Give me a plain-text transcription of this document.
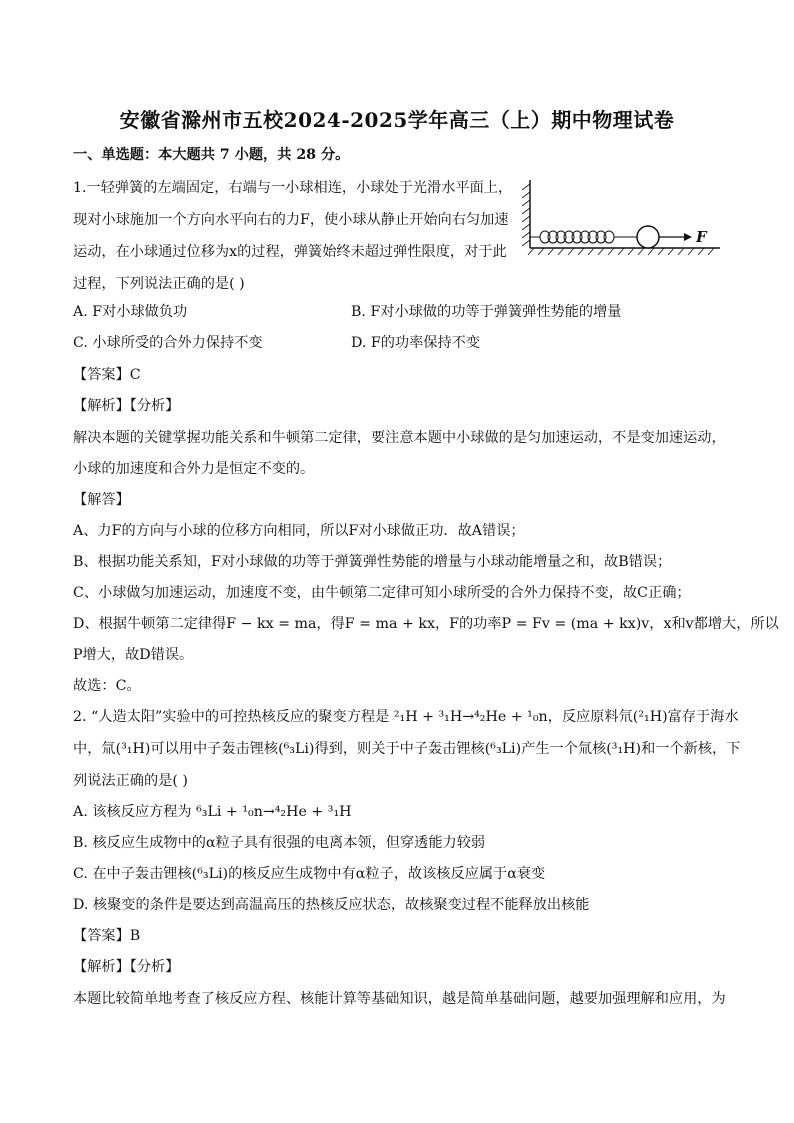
安徽省滁州市五校2024-2025学年高三（上）期中物理试卷
一、单选题：本大题共 7 小题，共 28 分。
1.一轻弹簧的左端固定，右端与一小球相连，小球处于光滑水平面上，
现对小球施加一个方向水平向右的力F，使小球从静止开始向右匀加速
运动，在小球通过位移为x的过程，弹簧始终未超过弹性限度，对于此
过程，下列说法正确的是( )
F
A. F对小球做负功	B. F对小球做的功等于弹簧弹性势能的增量
C. 小球所受的合外力保持不变	D. F的功率保持不变
【答案】C
【解析】【分析】
解决本题的关键掌握功能关系和牛顿第二定律，要注意本题中小球做的是匀加速运动，不是变加速运动，
小球的加速度和合外力是恒定不变的。
【解答】
A、力F的方向与小球的位移方向相同，所以F对小球做正功．故A错误；
B、根据功能关系知，F对小球做的功等于弹簧弹性势能的增量与小球动能增量之和，故B错误；
C、小球做匀加速运动，加速度不变，由牛顿第二定律可知小球所受的合外力保持不变，故C正确；
D、根据牛顿第二定律得F − kx = ma，得F = ma + kx，F的功率P = Fv = (ma + kx)v，x和v都增大，所以
P增大，故D错误。
故选：C。
2. “人造太阳”实验中的可控热核反应的聚变方程是 ²₁H + ³₁H→⁴₂He + ¹₀n，反应原料氘(²₁H)富存于海水
中，氚(³₁H)可以用中子轰击锂核(⁶₃Li)得到，则关于中子轰击锂核(⁶₃Li)产生一个氚核(³₁H)和一个新核，下
列说法正确的是( )
A. 该核反应方程为 ⁶₃Li + ¹₀n→⁴₂He + ³₁H
B. 核反应生成物中的α粒子具有很强的电离本领，但穿透能力较弱
C. 在中子轰击锂核(⁶₃Li)的核反应生成物中有α粒子，故该核反应属于α衰变
D. 核聚变的条件是要达到高温高压的热核反应状态，故核聚变过程不能释放出核能
【答案】B
【解析】【分析】
本题比较简单地考查了核反应方程、核能计算等基础知识，越是简单基础问题，越要加强理解和应用，为
